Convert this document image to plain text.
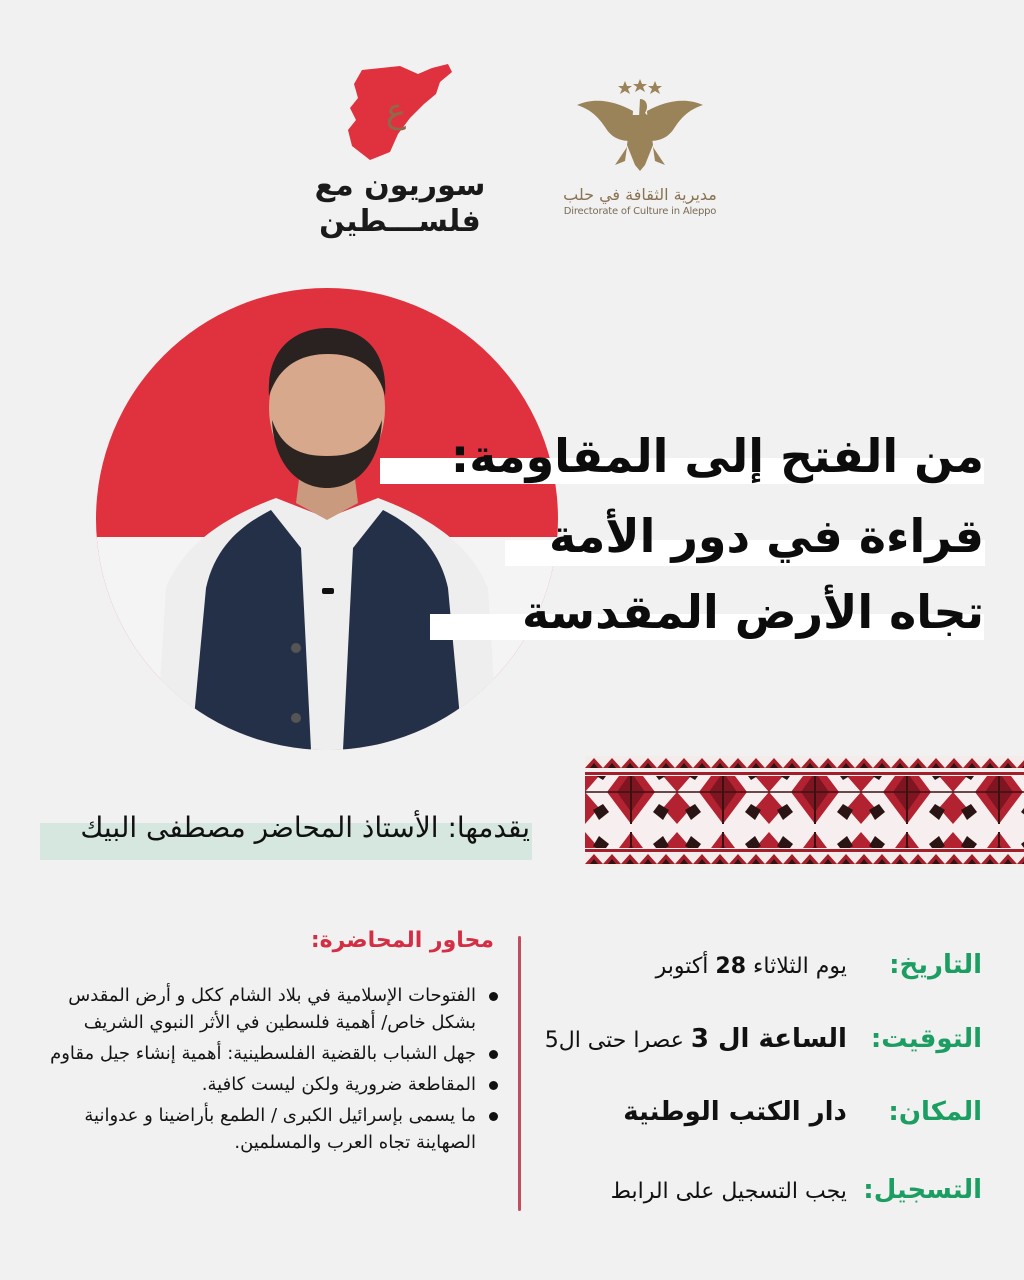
ع
سوريون مع
فلســـطين
مديرية الثقافة في حلب
Directorate of Culture in Aleppo
من الفتح إلى المقاومة:
قراءة في دور الأمة
تجاه الأرض المقدسة
يقدمها: الأستاذ المحاضر مصطفى البيك
محاور المحاضرة:
الفتوحات الإسلامية في بلاد الشام ككل و أرض المقدس بشكل خاص/ أهمية فلسطين في الأثر النبوي الشريف
جهل الشباب بالقضية الفلسطينية: أهمية إنشاء جيل مقاوم
المقاطعة ضرورية ولكن ليست كافية.
ما يسمى بإسرائيل الكبرى / الطمع بأراضينا و عدوانية الصهاينة تجاه العرب والمسلمين.
التاريخ: يوم الثلاثاء 28 أكتوبر
التوقيت: الساعة ال 3 عصرا حتى ال5
المكان: دار الكتب الوطنية
التسجيل: يجب التسجيل على الرابط
